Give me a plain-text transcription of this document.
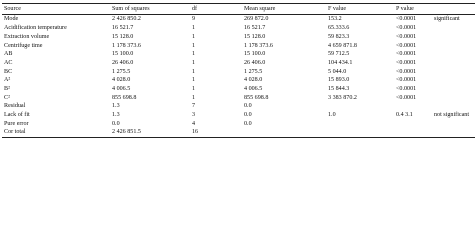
Source	Sum of squares	df	Mean square	F value	P value	
Mode	2 426 850.2	9	269 872.0	153.2	<0.0001	significant
Acidification temperature	16 521.7	1	16 521.7	65.333.6	<0.0001	
Extraction volume	15 128.0	1	15 128.0	59 823.3	<0.0001	
Centrifuge time	1 178 373.6	1	1 178 373.6	4 659 871.8	<0.0001	
AB	15 100.0	1	15 100.0	59 712.5	<0.0001	
AC	26 406.0	1	26 406.0	104 434.1	<0.0001	
BC	1 275.5	1	1 275.5	5 044.0	<0.0001	
A²	4 028.0	1	4 028.0	15 893.0	<0.0001	
B²	4 006.5	1	4 006.5	15 844.3	<0.0001	
C²	855 698.8	1	855 698.8	3 383 870.2	<0.0001	
Residual	1.3	7	0.0			
Lack of fit	1.3	3	0.0	1.0	0.4 3.1	not significant
Pure error	0.0	4	0.0			
Cor total	2 426 851.5	16				
